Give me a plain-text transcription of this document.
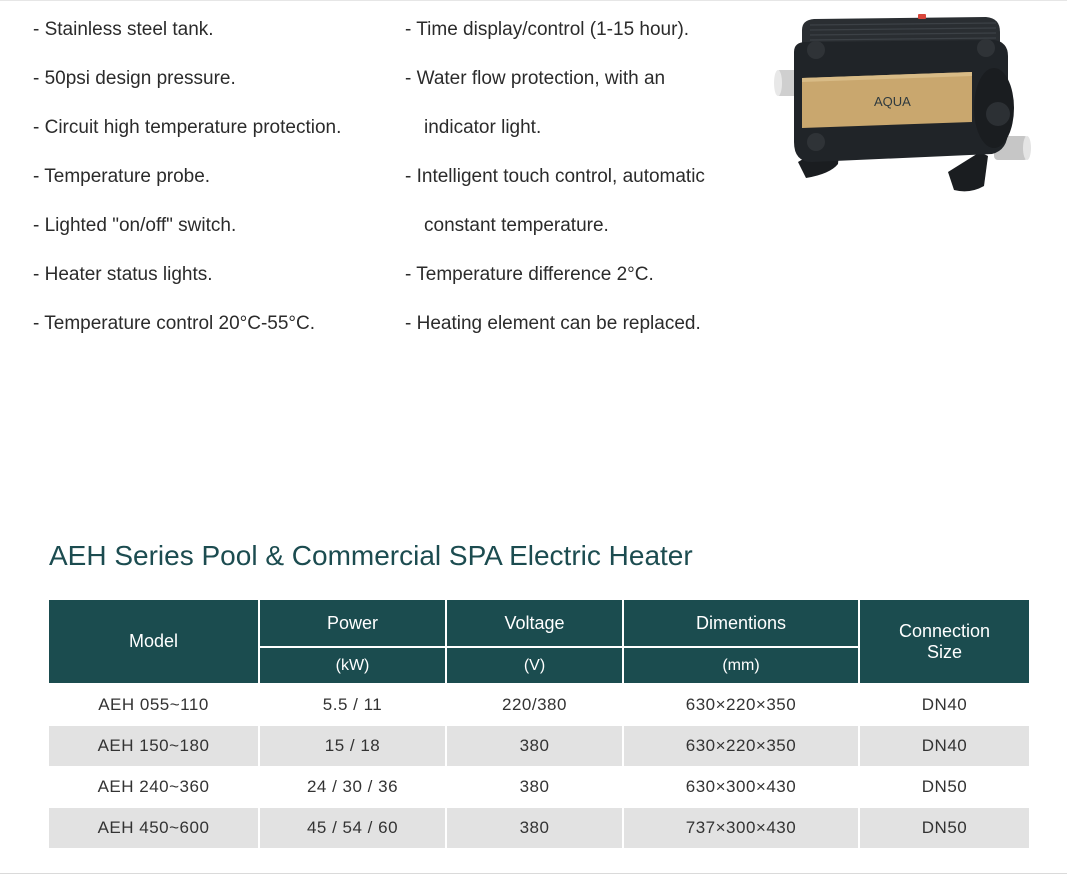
- Stainless steel tank.
- 50psi design pressure.
- Circuit high temperature protection.
- Temperature probe.
- Lighted "on/off" switch.
- Heater status lights.
- Temperature control 20°C-55°C.
- Time display/control (1-15 hour).
- Water flow protection, with an
indicator light.
- Intelligent touch control, automatic
constant temperature.
- Temperature difference 2°C.
- Heating element can be replaced.
AQUA
AEH Series Pool & Commercial SPA Electric Heater
Model	Power	Voltage	Dimentions	Connection
Size
	(kW)	(V)	(mm)	
AEH 055~110	5.5 / 11	220/380	630×220×350	DN40
AEH 150~180	15 / 18	380	630×220×350	DN40
AEH 240~360	24 / 30 / 36	380	630×300×430	DN50
AEH 450~600	45 / 54 / 60	380	737×300×430	DN50
